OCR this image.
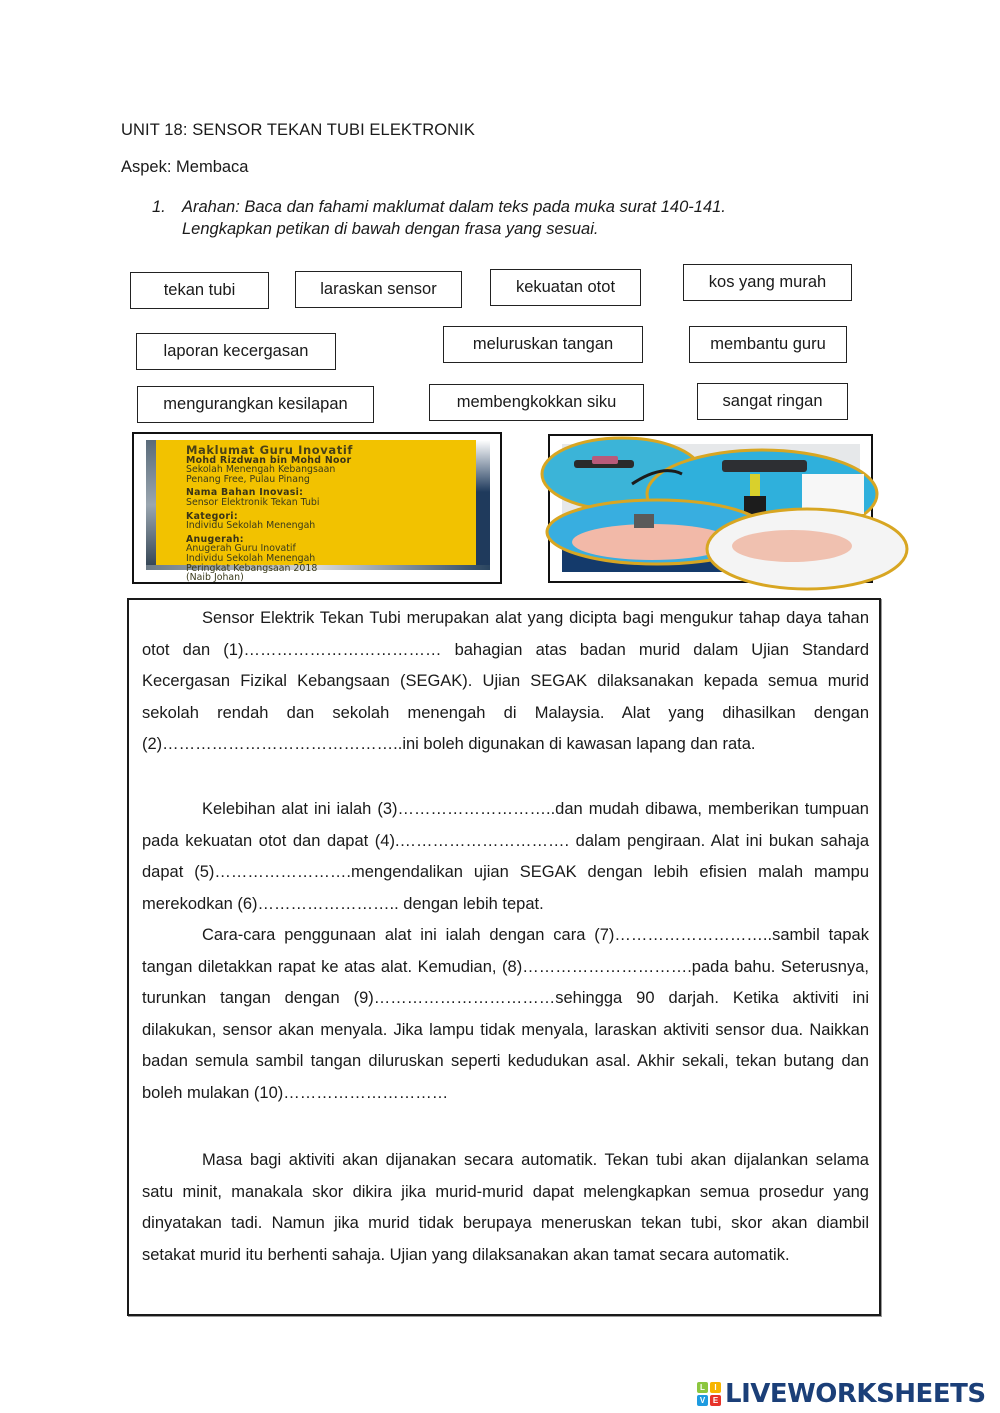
UNIT 18: SENSOR TEKAN TUBI ELEKTRONIK
Aspek: Membaca
1. Arahan: Baca dan fahami maklumat dalam teks pada muka surat 140-141.
Lengkapkan petikan di bawah dengan frasa yang sesuai.
tekan tubi	laraskan sensor	kekuatan otot	kos yang murah
laporan kecergasan	meluruskan tangan	membantu guru
mengurangkan kesilapan	membengkokkan siku	sangat ringan
Maklumat Guru Inovatif
Mohd Rizdwan bin Mohd Noor
Sekolah Menengah Kebangsaan
Penang Free, Pulau Pinang
Nama Bahan Inovasi:
Sensor Elektronik Tekan Tubi
Kategori:
Individu Sekolah Menengah
Anugerah:
Anugerah Guru Inovatif
Individu Sekolah Menengah
Peringkat Kebangsaan 2018
(Naib Johan)
Sensor Elektrik Tekan Tubi merupakan alat yang dicipta bagi mengukur tahap daya tahan otot dan (1)……………………………… bahagian atas badan murid dalam Ujian Standard Kecergasan Fizikal Kebangsaan (SEGAK). Ujian SEGAK dilaksanakan kepada semua murid sekolah rendah dan sekolah menengah di Malaysia. Alat yang dihasilkan dengan (2)……………………………………..ini boleh digunakan di kawasan lapang dan rata.
Kelebihan alat ini ialah (3)………………………..dan mudah dibawa, memberikan tumpuan pada kekuatan otot dan dapat (4).…………………………. dalam pengiraan. Alat ini bukan sahaja dapat (5)…………………….mengendalikan ujian SEGAK dengan lebih efisien malah mampu merekodkan (6)…………………….. dengan lebih tepat.
Cara-cara penggunaan alat ini ialah dengan cara (7)………………………..sambil tapak tangan diletakkan rapat ke atas alat. Kemudian, (8)………………………….pada bahu. Seterusnya, turunkan tangan dengan (9)……………………………sehingga 90 darjah. Ketika aktiviti ini dilakukan, sensor akan menyala. Jika lampu tidak menyala, laraskan aktiviti sensor dua. Naikkan badan semula sambil tangan diluruskan seperti kedudukan asal. Akhir sekali, tekan butang dan boleh mulakan (10)…………………………
Masa bagi aktiviti akan dijanakan secara automatik. Tekan tubi akan dijalankan selama satu minit, manakala skor dikira jika murid-murid dapat melengkapkan semua prosedur yang dinyatakan tadi. Namun jika murid tidak berupaya meneruskan tekan tubi, skor akan diambil setakat murid itu berhenti sahaja. Ujian yang dilaksanakan akan tamat secara automatik.
L	I
V E LIVEWORKSHEETS
